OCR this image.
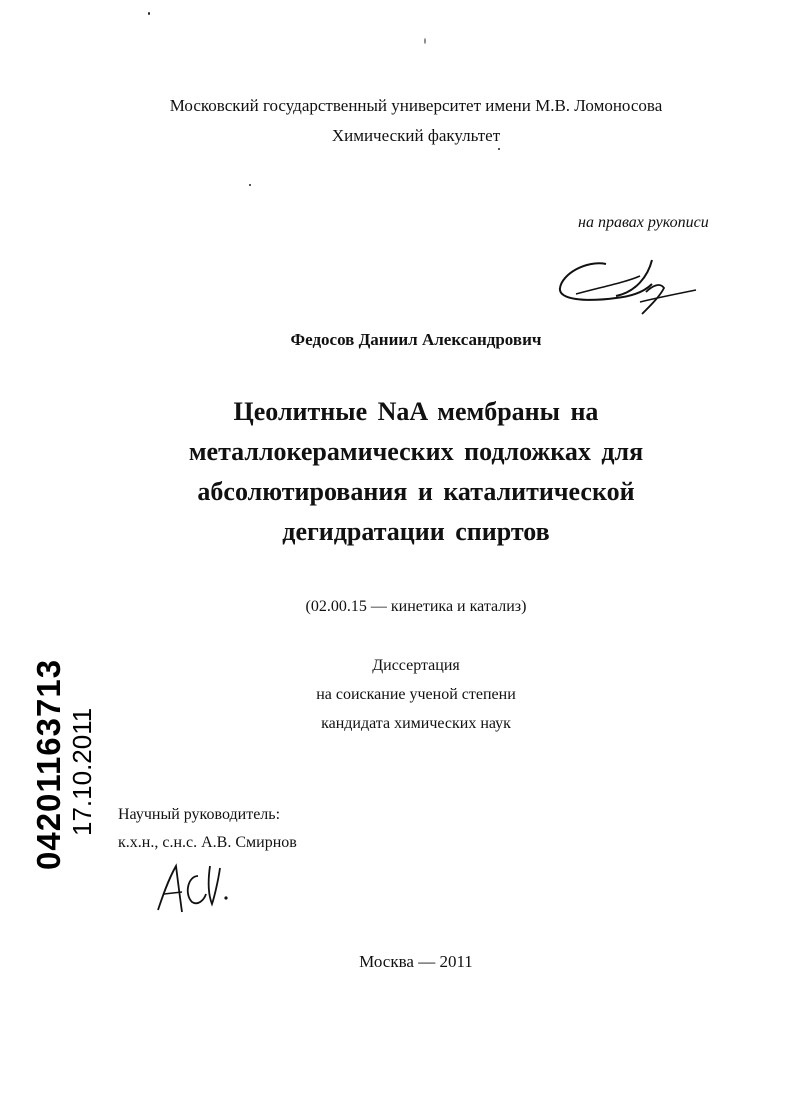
Московский государственный университет имени М.В. Ломоносова
Химический факультет
на правах рукописи
Федосов Даниил Александрович
Цеолитные NaA мембраны на
металлокерамических подложках для
абсолютирования и каталитической
дегидратации спиртов
(02.00.15 — кинетика и катализ)
Диссертация
на соискание ученой степени
кандидата химических наук
Научный руководитель:
к.х.н., с.н.с. А.В. Смирнов
Москва — 2011
04201163713 17.10.2011
